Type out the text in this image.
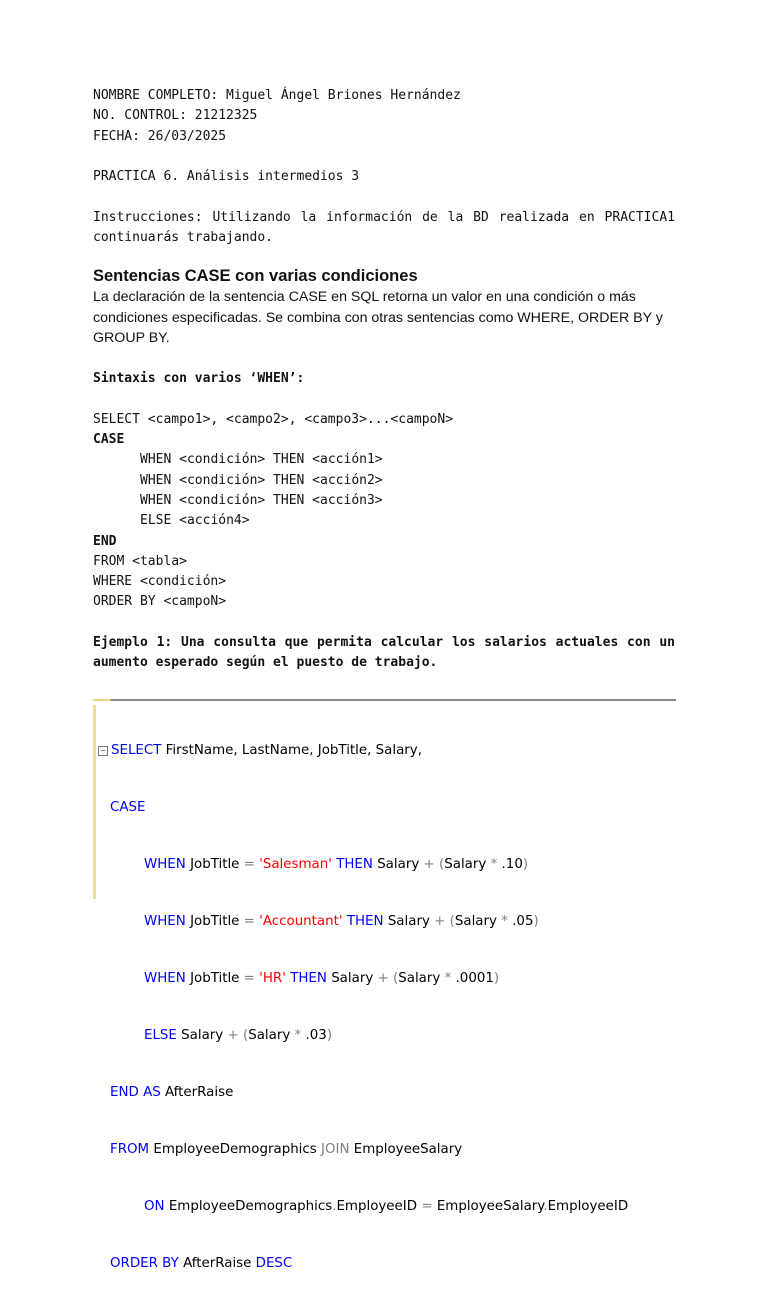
NOMBRE COMPLETO: Miguel Ángel Briones Hernández
NO. CONTROL: 21212325
FECHA: 26/03/2025
PRACTICA 6. Análisis intermedios 3
Instrucciones: Utilizando la información de la BD realizada en PRACTICA1 continuarás trabajando.
Sentencias CASE con varias condiciones
La declaración de la sentencia CASE en SQL retorna un valor en una condición o más condiciones especificadas. Se combina con otras sentencias como WHERE, ORDER BY y GROUP BY.
Sintaxis con varios ‘WHEN’:
SELECT <campo1>, <campo2>, <campo3>...<campoN>
CASE
WHEN <condición> THEN <acción1>
WHEN <condición> THEN <acción2>
WHEN <condición> THEN <acción3>
ELSE <acción4>
END
FROM <tabla>
WHERE <condición>
ORDER BY <campoN>
Ejemplo 1: Una consulta que permita calcular los salarios actuales con un aumento esperado según el puesto de trabajo.

− SELECT FirstName, LastName, JobTitle, Salary,

CASE

WHEN JobTitle = 'Salesman' THEN Salary + (Salary * .10)

WHEN JobTitle = 'Accountant' THEN Salary + (Salary * .05)

WHEN JobTitle = 'HR' THEN Salary + (Salary * .0001)

ELSE Salary + (Salary * .03)

END AS AfterRaise

FROM EmployeeDemographics JOIN EmployeeSalary

ON EmployeeDemographics.EmployeeID = EmployeeSalary.EmployeeID

ORDER BY AfterRaise DESC
